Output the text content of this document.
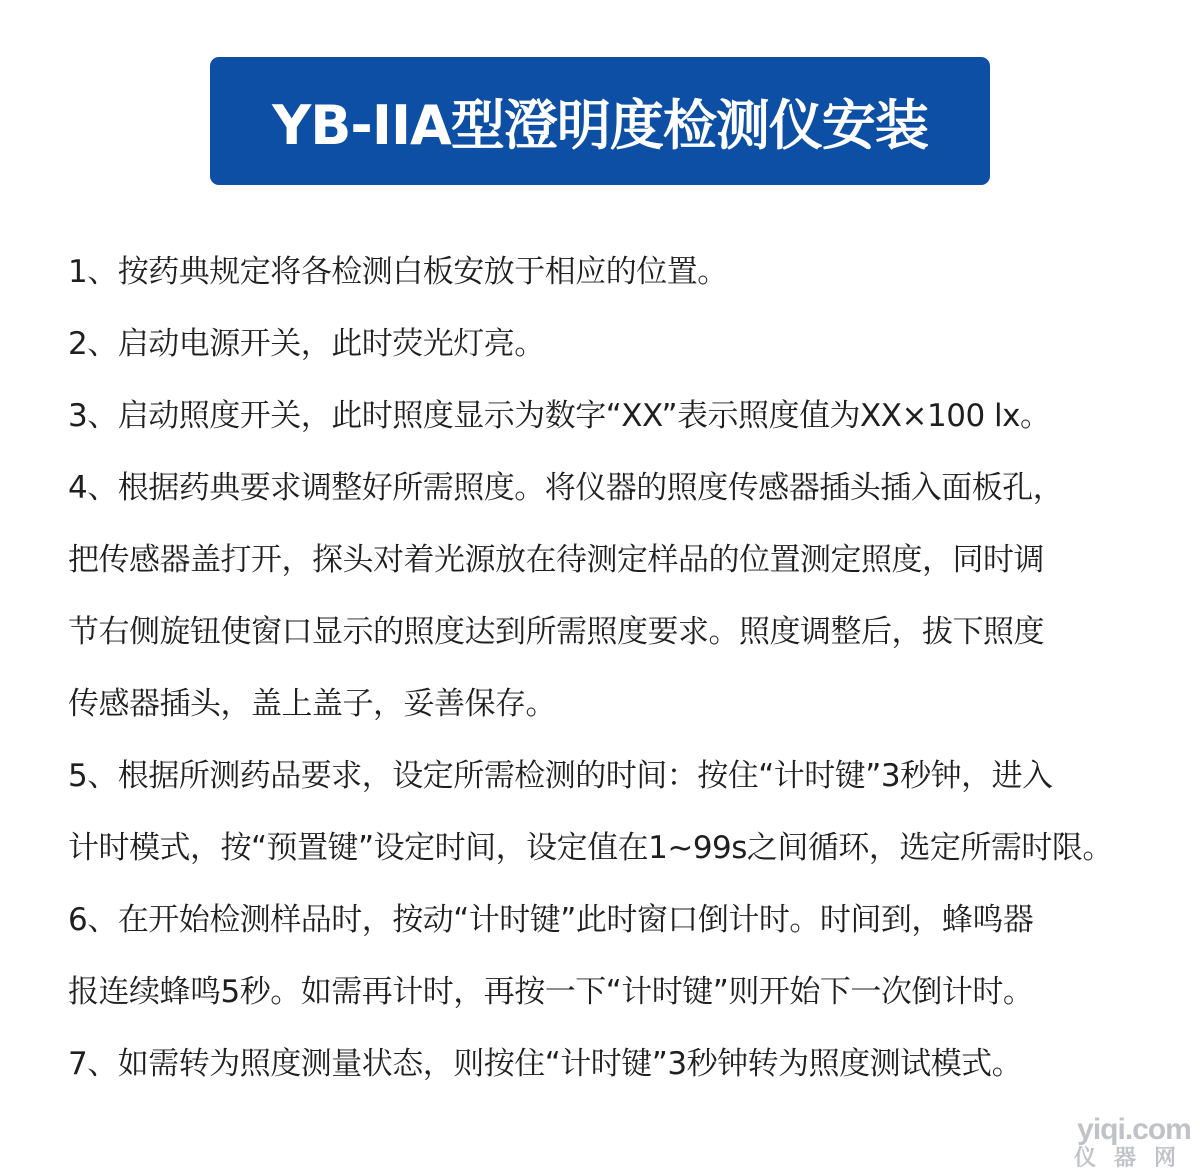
YB-IIA型澄明度检测仪安装

1、按药典规定将各检测白板安放于相应的位置。

2、启动电源开关，此时荧光灯亮。

3、启动照度开关，此时照度显示为数字“XX”表示照度值为XX×100 lx。

4、根据药典要求调整好所需照度。将仪器的照度传感器插头插入面板孔，

把传感器盖打开，探头对着光源放在待测定样品的位置测定照度，同时调

节右侧旋钮使窗口显示的照度达到所需照度要求。照度调整后，拔下照度

传感器插头，盖上盖子，妥善保存。

5、根据所测药品要求，设定所需检测的时间：按住“计时键”3秒钟，进入

计时模式，按“预置键”设定时间，设定值在1~99s之间循环，选定所需时限。

6、在开始检测样品时，按动“计时键”此时窗口倒计时。时间到，蜂鸣器

报连续蜂鸣5秒。如需再计时，再按一下“计时键”则开始下一次倒计时。

7、如需转为照度测量状态，则按住“计时键”3秒钟转为照度测试模式。

yiqi.com
仪器网
